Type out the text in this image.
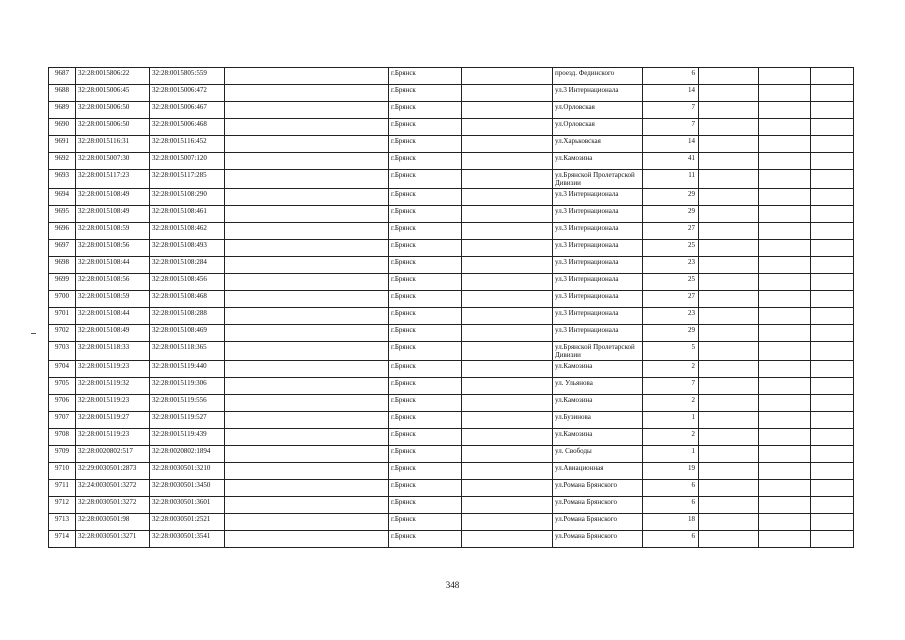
9687	32:28:0015806:22	32:28:0015805:559		г.Брянск		проезд. Фединского	6			
9688	32:28:0015006:45	32:28:0015006:472		г.Брянск		ул.3 Интернационала	14			
9689	32:28:0015006:50	32:28:0015006:467		г.Брянск		ул.Орловская	7			
9690	32:28:0015006:50	32:28:0015006:468		г.Брянск		ул.Орловская	7			
9691	32:28:0015116:31	32:28:0015116:452		г.Брянск		ул.Харьковская	14			
9692	32:28:0015007:30	32:28:0015007:120		г.Брянск		ул.Камозина	41			
9693	32:28:0015117:23	32:28:0015117:285		г.Брянск		ул.Брянской Пролетарской Дивизии	11			
9694	32:28:0015108:49	32:28:0015108:290		г.Брянск		ул.3 Интернационала	29			
9695	32:28:0015108:49	32:28:0015108:461		г.Брянск		ул.3 Интернационала	29			
9696	32:28:0015108:59	32:28:0015108:462		г.Брянск		ул.3 Интернационала	27			
9697	32:28:0015108:56	32:28:0015108:493		г.Брянск		ул.3 Интернационала	25			
9698	32:28:0015108:44	32:28:0015108:284		г.Брянск		ул.3 Интернационала	23			
9699	32:28:0015108:56	32:28:0015108:456		г.Брянск		ул.3 Интернационала	25			
9700	32:28:0015108:59	32:28:0015108:468		г.Брянск		ул.3 Интернационала	27			
9701	32:28:0015108:44	32:28:0015108:288		г.Брянск		ул.3 Интернационала	23			
9702	32:28:0015108:49	32:28:0015108:469		г.Брянск		ул.3 Интернационала	29			
9703	32:28:0015118:33	32:28:0015118:365		г.Брянск		ул.Брянской Пролетарской Дивизии	5			
9704	32:28:0015119:23	32:28:0015119:440		г.Брянск		ул.Камозина	2			
9705	32:28:0015119:32	32:28:0015119:306		г.Брянск		ул. Ульянова	7			
9706	32:28:0015119:23	32:28:0015119:556		г.Брянск		ул.Камозина	2			
9707	32:28:0015119:27	32:28:0015119:527		г.Брянск		ул.Бузинова	1			
9708	32:28:0015119:23	32:28:0015119:439		г.Брянск		ул.Камозина	2			
9709	32:28:0020802:517	32:28:0020802:1894		г.Брянск		ул. Свободы	1			
9710	32:29:0030501:2873	32:28:0030501:3210		г.Брянск		ул.Авиационная	19			
9711	32:24:0030501:3272	32:28:0030501:3450		г.Брянск		ул.Романа Брянского	6			
9712	32:28:0030501:3272	32:28:0030501:3601		г.Брянск		ул.Романа Брянского	6			
9713	32:28:0030501:98	32:28:0030501:2521		г.Брянск		ул.Романа Брянского	18			
9714	32:28:0030501:3271	32:28:0030501:3541		г.Брянск		ул.Романа Брянского	6			
348
